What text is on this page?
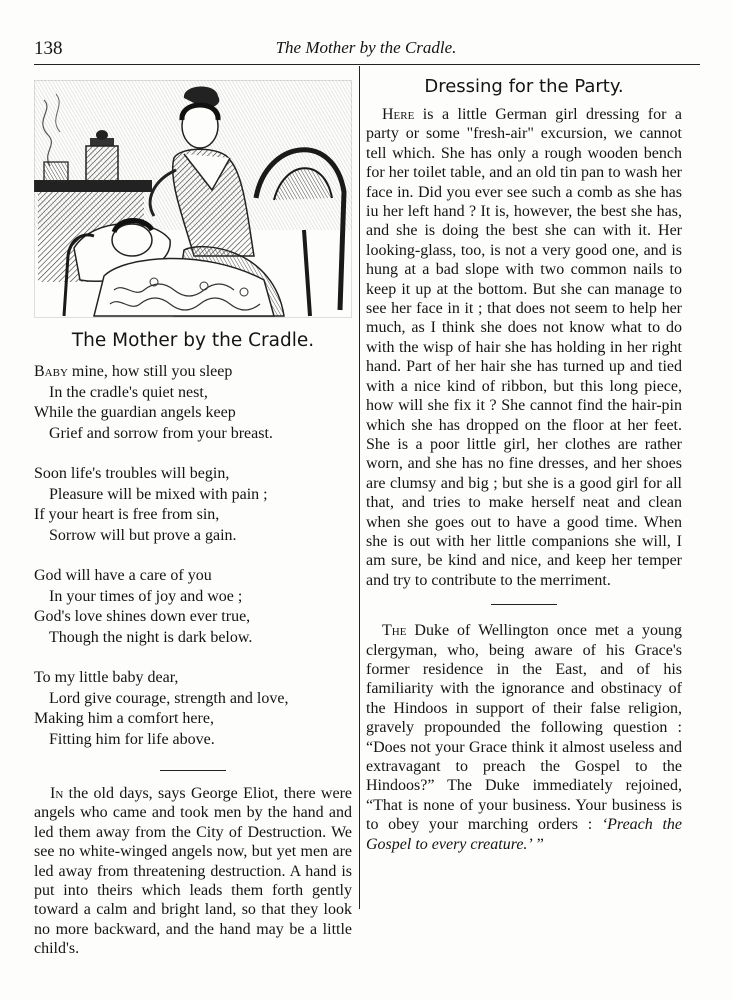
138	The Mother by the Cradle.
The Mother by the Cradle.
Baby mine, how still you sleep
In the cradle's quiet nest,
While the guardian angels keep
Grief and sorrow from your breast.
Soon life's troubles will begin,
Pleasure will be mixed with pain ;
If your heart is free from sin,
Sorrow will but prove a gain.
God will have a care of you
In your times of joy and woe ;
God's love shines down ever true,
Though the night is dark below.
To my little baby dear,
Lord give courage, strength and love,
Making him a comfort here,
Fitting him for life above.

In the old days, says George Eliot, there were angels who came and took men by the hand and led them away from the City of Destruction. We see no white-winged angels now, but yet men are led away from threatening destruction. A hand is put into theirs which leads them forth gently toward a calm and bright land, so that they look no more backward, and the hand may be a little child's.

Dressing for the Party.

Here is a little German girl dressing for a party or some "fresh-air" excursion, we cannot tell which. She has only a rough wooden bench for her toilet table, and an old tin pan to wash her face in. Did you ever see such a comb as she has iu her left hand ? It is, however, the best she has, and she is doing the best she can with it. Her looking-glass, too, is not a very good one, and is hung at a bad slope with two common nails to keep it up at the bottom. But she can manage to see her face in it ; that does not seem to help her much, as I think she does not know what to do with the wisp of hair she has holding in her right hand. Part of her hair she has turned up and tied with a nice kind of ribbon, but this long piece, how will she fix it ? She cannot find the hair-pin which she has dropped on the floor at her feet. She is a poor little girl, her clothes are rather worn, and she has no fine dresses, and her shoes are clumsy and big ; but she is a good girl for all that, and tries to make herself neat and clean when she goes out to have a good time. When she is out with her little companions she will, I am sure, be kind and nice, and keep her temper and try to contribute to the merriment.

The Duke of Wellington once met a young clergyman, who, being aware of his Grace's former residence in the East, and of his familiarity with the ignorance and obstinacy of the Hindoos in support of their false religion, gravely propounded the following question : “Does not your Grace think it almost useless and extravagant to preach the Gospel to the Hindoos?” The Duke immediately rejoined, “That is none of your business. Your business is to obey your marching orders : ‘Preach the Gospel to every creature.’ ”
